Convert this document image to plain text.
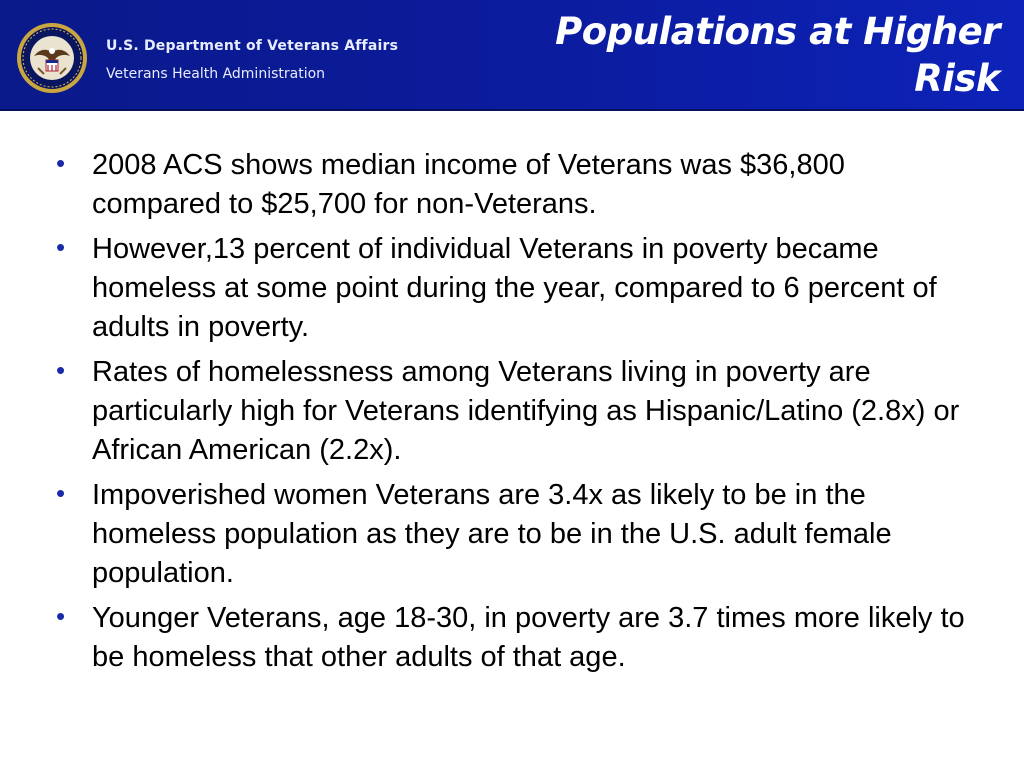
U.S. Department of Veterans Affairs
Veterans Health Administration
Populations at Higher Risk
• 2008 ACS shows median income of Veterans was $36,800 compared to $25,700 for non-Veterans.
• However,13 percent of individual Veterans in poverty became homeless at some point during the year, compared to 6 percent of adults in poverty.
• Rates of homelessness among Veterans living in poverty are particularly high for Veterans identifying as Hispanic/Latino (2.8x) or African American (2.2x).
• Impoverished women Veterans are 3.4x as likely to be in the homeless population as they are to be in the U.S. adult female population.
• Younger Veterans, age 18-30, in poverty are 3.7 times more likely to be homeless that other adults of that age.
